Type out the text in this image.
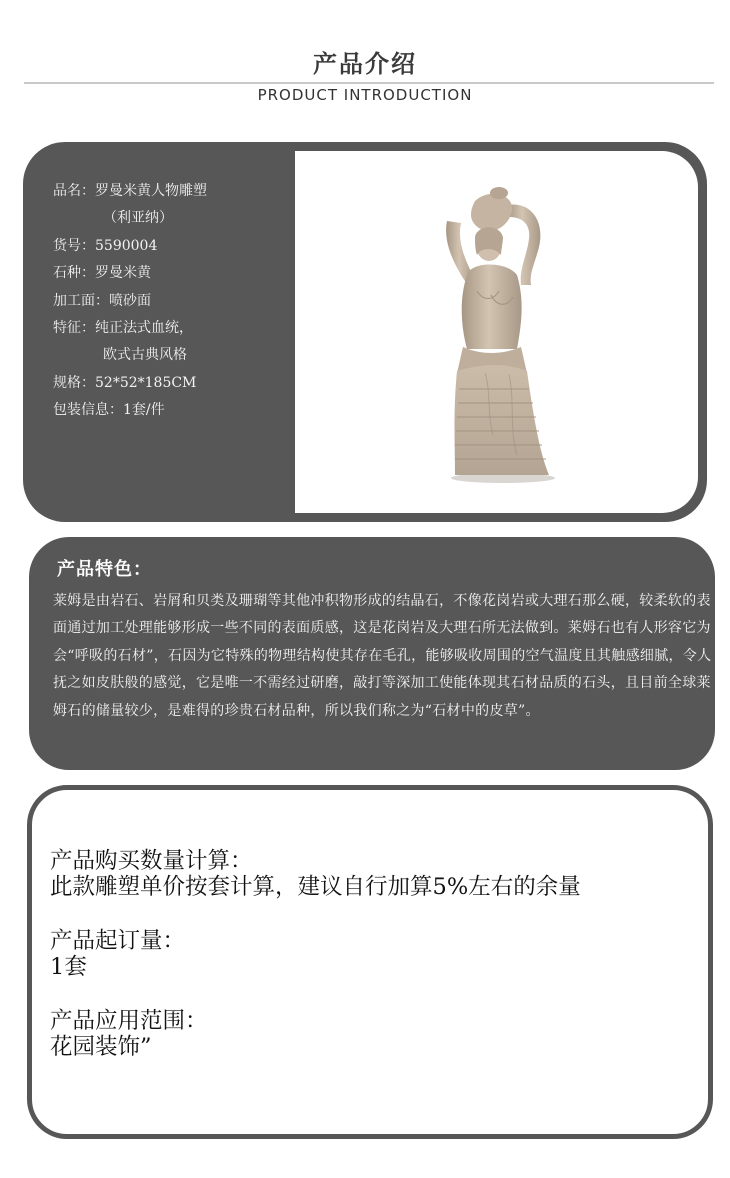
产品介绍
PRODUCT INTRODUCTION
品名：罗曼米黄人物雕塑
（利亚纳）
货号：5590004
石种：罗曼米黄
加工面：喷砂面
特征：纯正法式血统，
欧式古典风格
规格：52*52*185CM
包装信息：1套/件
产品特色：
莱姆是由岩石、岩屑和贝类及珊瑚等其他冲积物形成的结晶石，不像花岗岩或大理石那么硬，较柔软的表面通过加工处理能够形成一些不同的表面质感，这是花岗岩及大理石所无法做到。莱姆石也有人形容它为会“呼吸的石材”，石因为它特殊的物理结构使其存在毛孔，能够吸收周围的空气温度且其触感细腻，令人抚之如皮肤般的感觉，它是唯一不需经过研磨，敲打等深加工使能体现其石材品质的石头，且目前全球莱姆石的储量较少，是难得的珍贵石材品种，所以我们称之为“石材中的皮草”。
产品购买数量计算：
此款雕塑单价按套计算，建议自行加算5%左右的余量
产品起订量：
1套
产品应用范围：
花园装饰”
